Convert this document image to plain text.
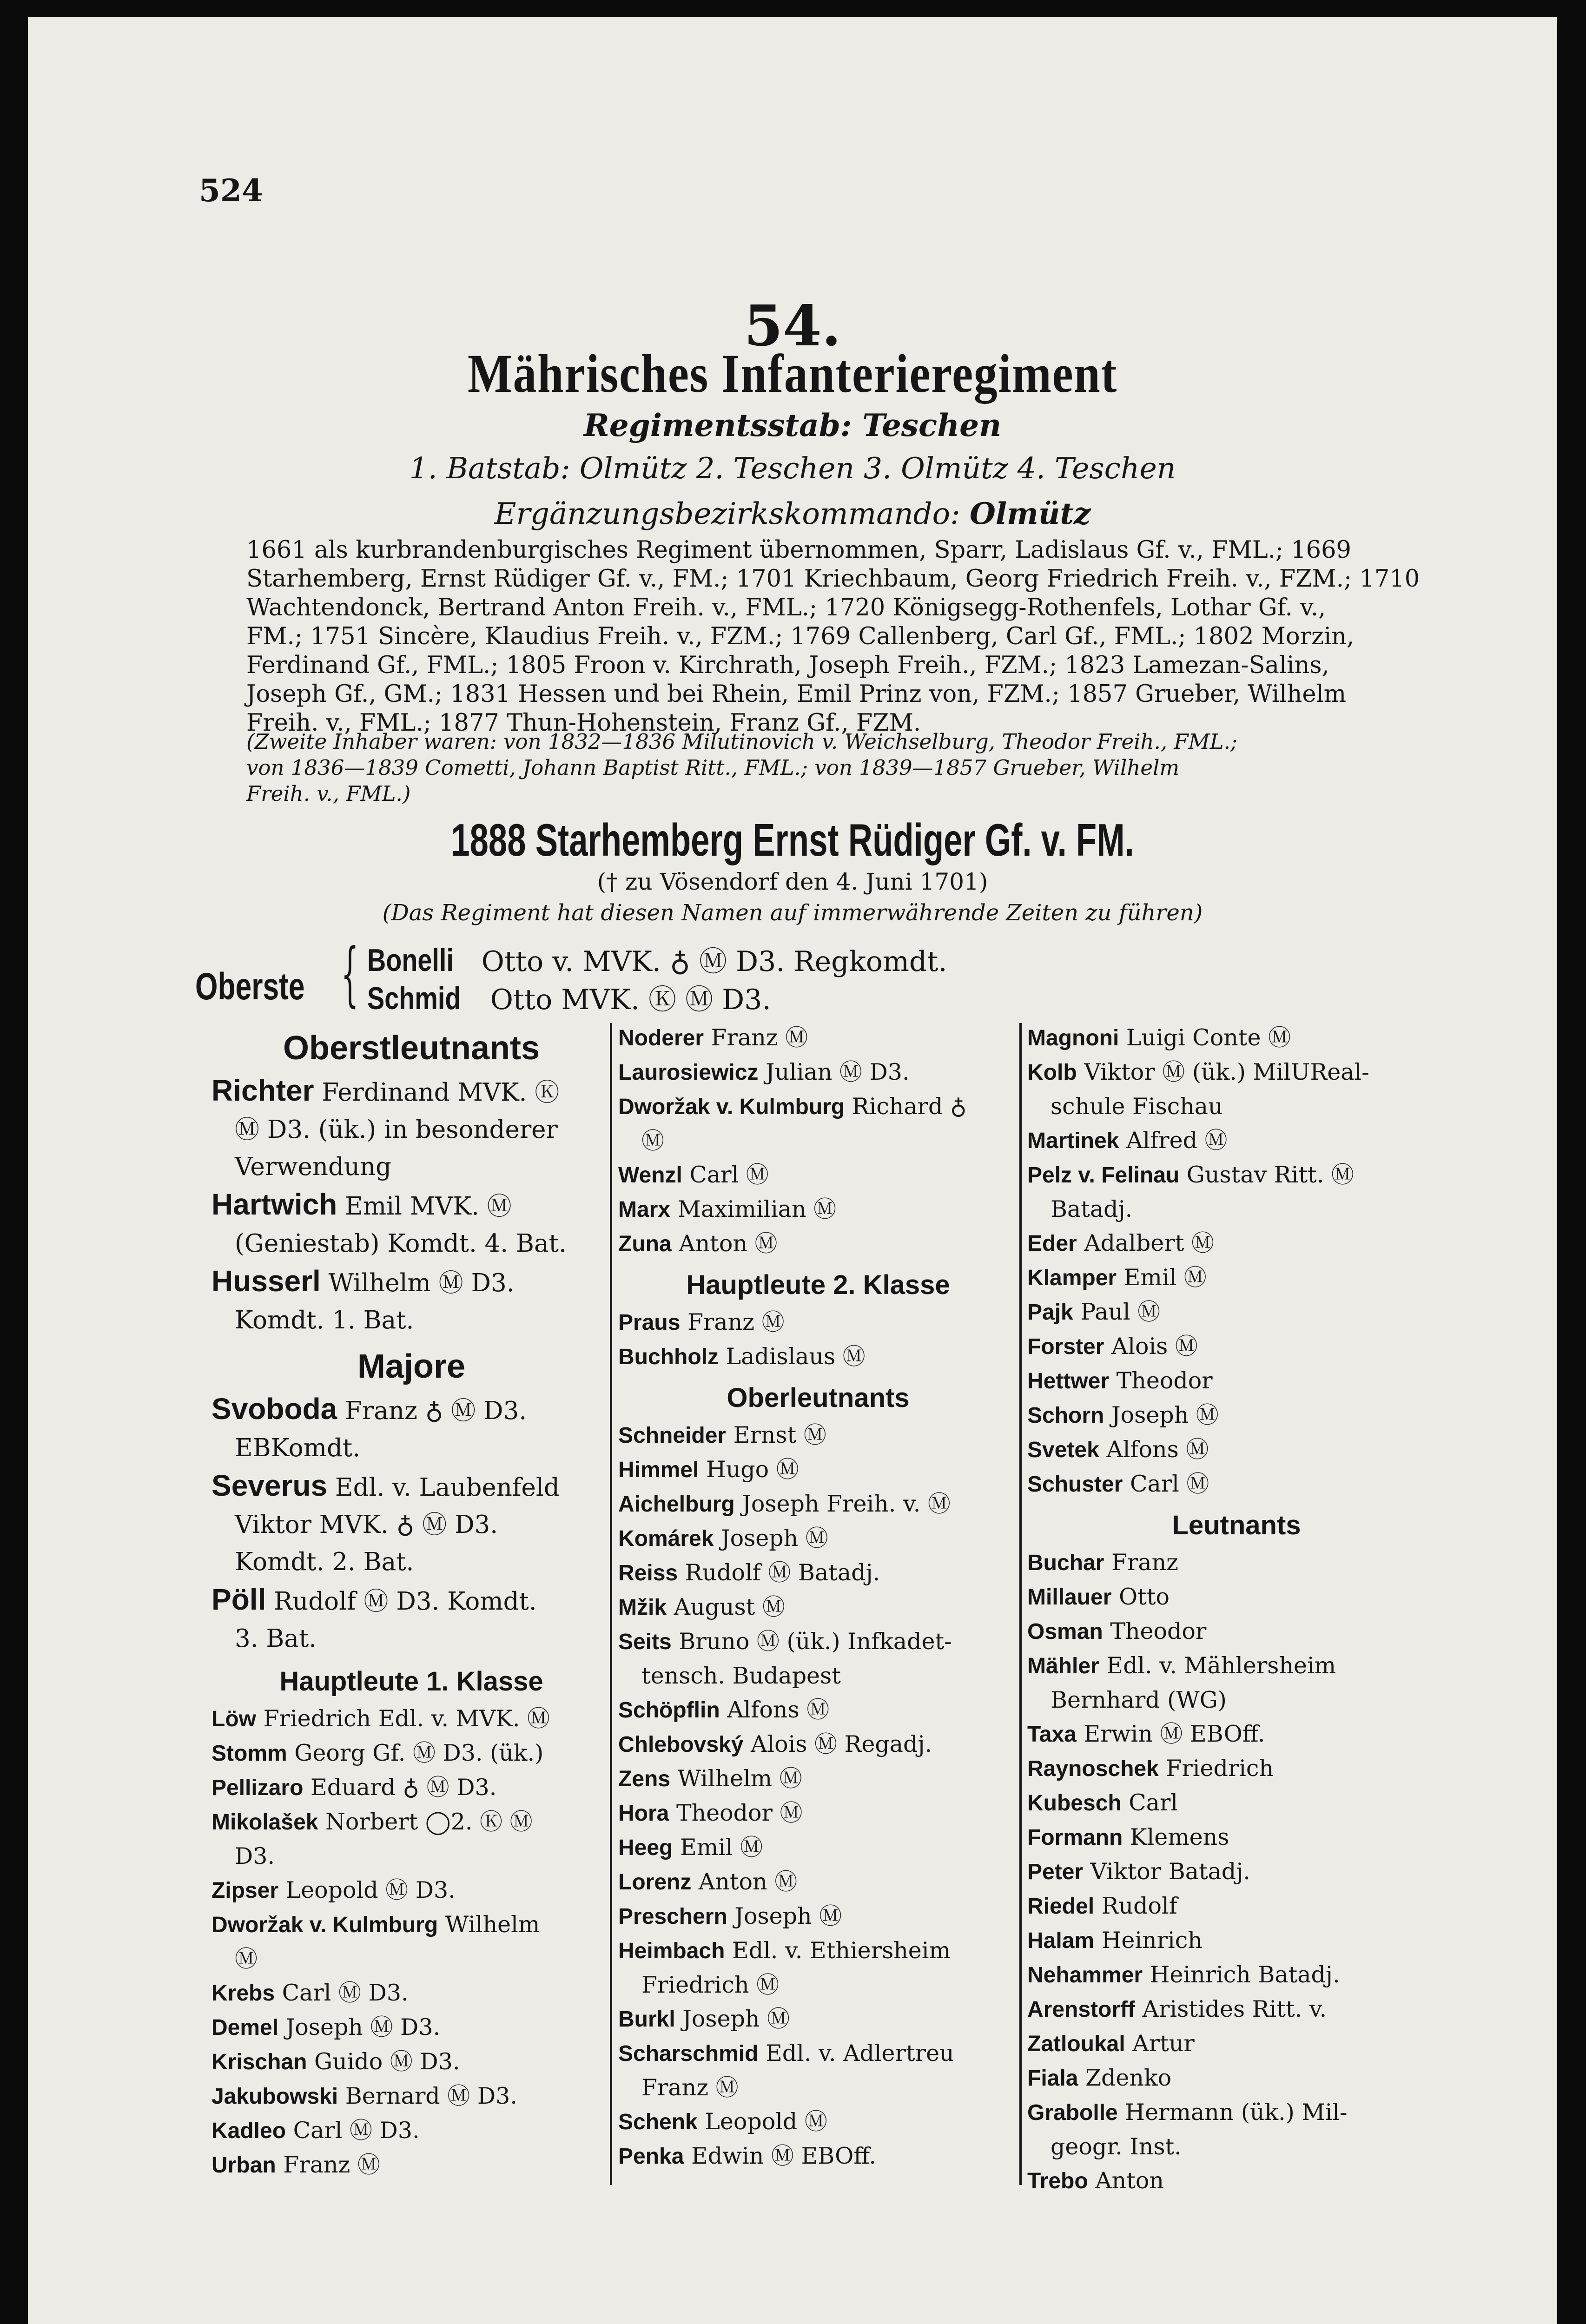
524
54.
Mährisches Infanterieregiment
Regimentsstab: Teschen
1. Batstab: Olmütz 2. Teschen 3. Olmütz 4. Teschen
Ergänzungsbezirkskommando: Olmütz
1661 als kurbrandenburgisches Regiment übernommen, Sparr, Ladislaus Gf. v., FML.; 1669
Starhemberg, Ernst Rüdiger Gf. v., FM.; 1701 Kriechbaum, Georg Friedrich Freih. v., FZM.; 1710
Wachtendonck, Bertrand Anton Freih. v., FML.; 1720 Königsegg-Rothenfels, Lothar Gf. v.,
FM.; 1751 Sincère, Klaudius Freih. v., FZM.; 1769 Callenberg, Carl Gf., FML.; 1802 Morzin,
Ferdinand Gf., FML.; 1805 Froon v. Kirchrath, Joseph Freih., FZM.; 1823 Lamezan-Salins,
Joseph Gf., GM.; 1831 Hessen und bei Rhein, Emil Prinz von, FZM.; 1857 Grueber, Wilhelm
Freih. v., FML.; 1877 Thun-Hohenstein, Franz Gf., FZM.
(Zweite Inhaber waren: von 1832—1836 Milutinovich v. Weichselburg, Theodor Freih., FML.;
von 1836—1839 Cometti, Johann Baptist Ritt., FML.; von 1839—1857 Grueber, Wilhelm
Freih. v., FML.)
1888 Starhemberg Ernst Rüdiger Gf. v. FM.
(† zu Vösendorf den 4. Juni 1701)
(Das Regiment hat diesen Namen auf immerwährende Zeiten zu führen)
Oberste { Bonelli Otto v. MVK. ♁ Ⓜ D3. Regkomdt.
Schmid Otto MVK. Ⓚ Ⓜ D3.
Oberstleutnants
Richter Ferdinand MVK. Ⓚ
Ⓜ D3. (ük.) in besonderer
Verwendung
Hartwich Emil MVK. Ⓜ
(Geniestab) Komdt. 4. Bat.
Husserl Wilhelm Ⓜ D3.
Komdt. 1. Bat.
Majore
Svoboda Franz ♁ Ⓜ D3.
EBKomdt.
Severus Edl. v. Laubenfeld
Viktor MVK. ♁ Ⓜ D3.
Komdt. 2. Bat.
Pöll Rudolf Ⓜ D3. Komdt.
3. Bat.
Hauptleute 1. Klasse
Löw Friedrich Edl. v. MVK. Ⓜ
Stomm Georg Gf. Ⓜ D3. (ük.)
Pellizaro Eduard ♁ Ⓜ D3.
Mikolašek Norbert ◯2. Ⓚ Ⓜ
D3.
Zipser Leopold Ⓜ D3.
Dworžak v. Kulmburg Wilhelm
Ⓜ
Krebs Carl Ⓜ D3.
Demel Joseph Ⓜ D3.
Krischan Guido Ⓜ D3.
Jakubowski Bernard Ⓜ D3.
Kadleo Carl Ⓜ D3.
Urban Franz Ⓜ
Noderer Franz Ⓜ
Laurosiewicz Julian Ⓜ D3.
Dworžak v. Kulmburg Richard ♁
Ⓜ
Wenzl Carl Ⓜ
Marx Maximilian Ⓜ
Zuna Anton Ⓜ
Hauptleute 2. Klasse
Praus Franz Ⓜ
Buchholz Ladislaus Ⓜ
Oberleutnants
Schneider Ernst Ⓜ
Himmel Hugo Ⓜ
Aichelburg Joseph Freih. v. Ⓜ
Komárek Joseph Ⓜ
Reiss Rudolf Ⓜ Batadj.
Mžik August Ⓜ
Seits Bruno Ⓜ (ük.) Infkadet-
tensch. Budapest
Schöpflin Alfons Ⓜ
Chlebovský Alois Ⓜ Regadj.
Zens Wilhelm Ⓜ
Hora Theodor Ⓜ
Heeg Emil Ⓜ
Lorenz Anton Ⓜ
Preschern Joseph Ⓜ
Heimbach Edl. v. Ethiersheim
Friedrich Ⓜ
Burkl Joseph Ⓜ
Scharschmid Edl. v. Adlertreu
Franz Ⓜ
Schenk Leopold Ⓜ
Penka Edwin Ⓜ EBOff.
Magnoni Luigi Conte Ⓜ
Kolb Viktor Ⓜ (ük.) MilUReal-
schule Fischau
Martinek Alfred Ⓜ
Pelz v. Felinau Gustav Ritt. Ⓜ
Batadj.
Eder Adalbert Ⓜ
Klamper Emil Ⓜ
Pajk Paul Ⓜ
Forster Alois Ⓜ
Hettwer Theodor
Schorn Joseph Ⓜ
Svetek Alfons Ⓜ
Schuster Carl Ⓜ
Leutnants
Buchar Franz
Millauer Otto
Osman Theodor
Mähler Edl. v. Mählersheim
Bernhard (WG)
Taxa Erwin Ⓜ EBOff.
Raynoschek Friedrich
Kubesch Carl
Formann Klemens
Peter Viktor Batadj.
Riedel Rudolf
Halam Heinrich
Nehammer Heinrich Batadj.
Arenstorff Aristides Ritt. v.
Zatloukal Artur
Fiala Zdenko
Grabolle Hermann (ük.) Mil-
geogr. Inst.
Trebo Anton
